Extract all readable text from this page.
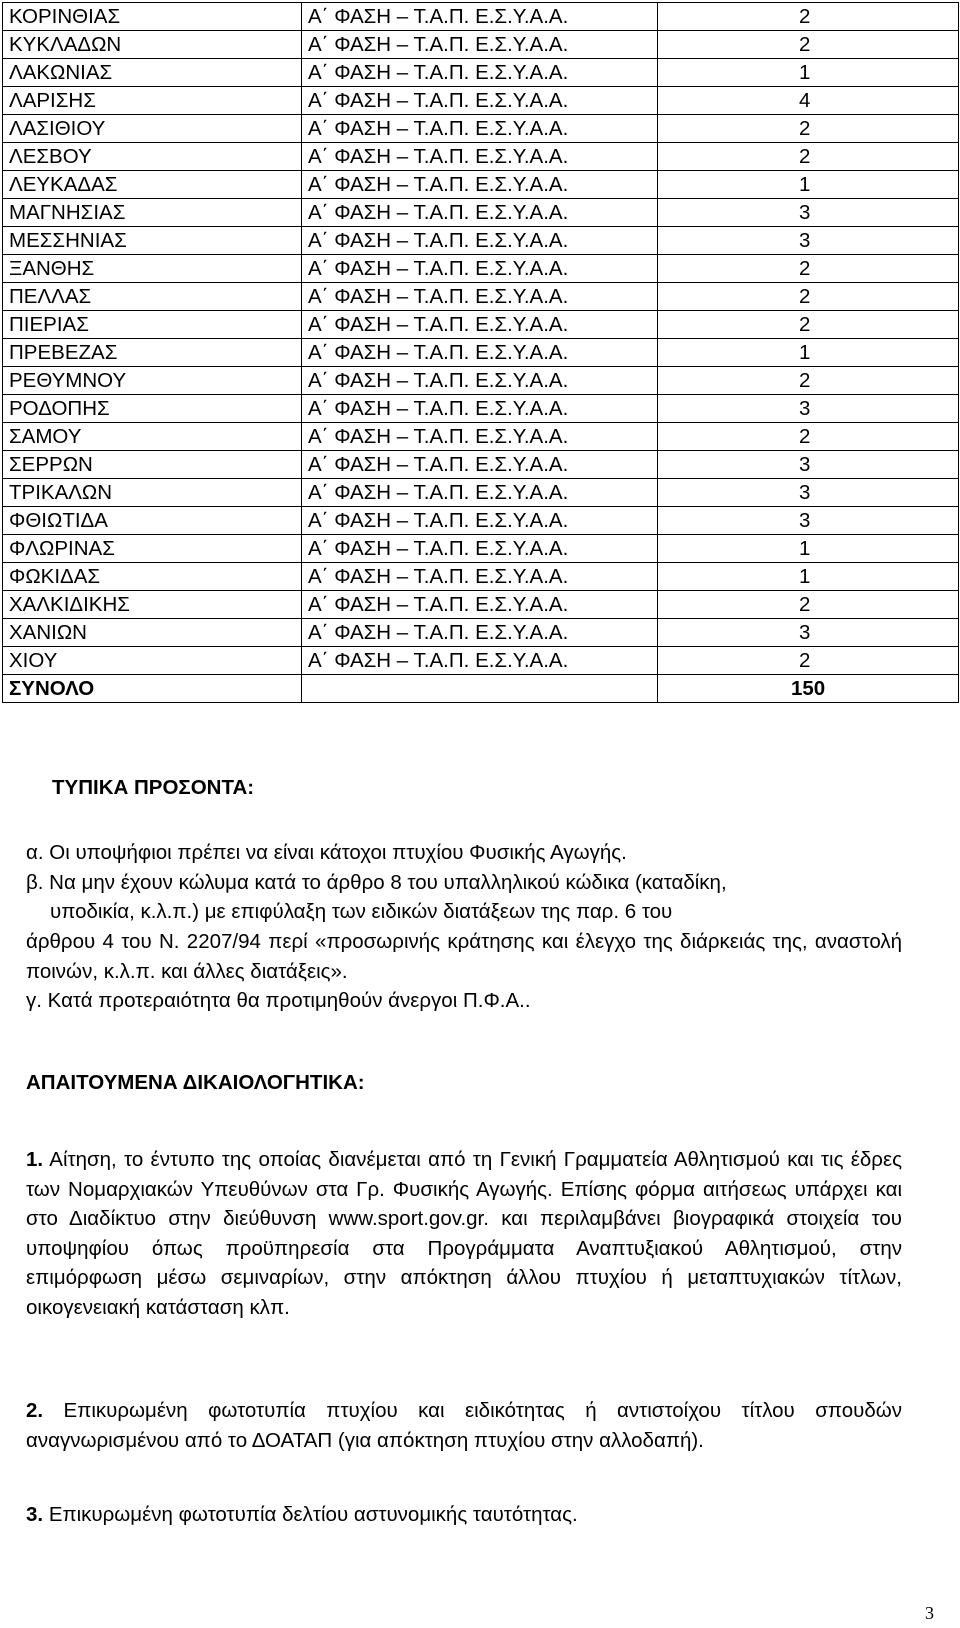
ΚΟΡΙΝΘΙΑΣ	Α΄ ΦΑΣΗ – Τ.Α.Π. Ε.Σ.Υ.Α.Α.	2
ΚΥΚΛΑΔΩΝ	Α΄ ΦΑΣΗ – Τ.Α.Π. Ε.Σ.Υ.Α.Α.	2
ΛΑΚΩΝΙΑΣ	Α΄ ΦΑΣΗ – Τ.Α.Π. Ε.Σ.Υ.Α.Α.	1
ΛΑΡΙΣΗΣ	Α΄ ΦΑΣΗ – Τ.Α.Π. Ε.Σ.Υ.Α.Α.	4
ΛΑΣΙΘΙΟΥ	Α΄ ΦΑΣΗ – Τ.Α.Π. Ε.Σ.Υ.Α.Α.	2
ΛΕΣΒΟΥ	Α΄ ΦΑΣΗ – Τ.Α.Π. Ε.Σ.Υ.Α.Α.	2
ΛΕΥΚΑΔΑΣ	Α΄ ΦΑΣΗ – Τ.Α.Π. Ε.Σ.Υ.Α.Α.	1
ΜΑΓΝΗΣΙΑΣ	Α΄ ΦΑΣΗ – Τ.Α.Π. Ε.Σ.Υ.Α.Α.	3
ΜΕΣΣΗΝΙΑΣ	Α΄ ΦΑΣΗ – Τ.Α.Π. Ε.Σ.Υ.Α.Α.	3
ΞΑΝΘΗΣ	Α΄ ΦΑΣΗ – Τ.Α.Π. Ε.Σ.Υ.Α.Α.	2
ΠΕΛΛΑΣ	Α΄ ΦΑΣΗ – Τ.Α.Π. Ε.Σ.Υ.Α.Α.	2
ΠΙΕΡΙΑΣ	Α΄ ΦΑΣΗ – Τ.Α.Π. Ε.Σ.Υ.Α.Α.	2
ΠΡΕΒΕΖΑΣ	Α΄ ΦΑΣΗ – Τ.Α.Π. Ε.Σ.Υ.Α.Α.	1
ΡΕΘΥΜΝΟΥ	Α΄ ΦΑΣΗ – Τ.Α.Π. Ε.Σ.Υ.Α.Α.	2
ΡΟΔΟΠΗΣ	Α΄ ΦΑΣΗ – Τ.Α.Π. Ε.Σ.Υ.Α.Α.	3
ΣΑΜΟΥ	Α΄ ΦΑΣΗ – Τ.Α.Π. Ε.Σ.Υ.Α.Α.	2
ΣΕΡΡΩΝ	Α΄ ΦΑΣΗ – Τ.Α.Π. Ε.Σ.Υ.Α.Α.	3
ΤΡΙΚΑΛΩΝ	Α΄ ΦΑΣΗ – Τ.Α.Π. Ε.Σ.Υ.Α.Α.	3
ΦΘΙΩΤΙΔΑ	Α΄ ΦΑΣΗ – Τ.Α.Π. Ε.Σ.Υ.Α.Α.	3
ΦΛΩΡΙΝΑΣ	Α΄ ΦΑΣΗ – Τ.Α.Π. Ε.Σ.Υ.Α.Α.	1
ΦΩΚΙΔΑΣ	Α΄ ΦΑΣΗ – Τ.Α.Π. Ε.Σ.Υ.Α.Α.	1
ΧΑΛΚΙΔΙΚΗΣ	Α΄ ΦΑΣΗ – Τ.Α.Π. Ε.Σ.Υ.Α.Α.	2
ΧΑΝΙΩΝ	Α΄ ΦΑΣΗ – Τ.Α.Π. Ε.Σ.Υ.Α.Α.	3
ΧΙΟΥ	Α΄ ΦΑΣΗ – Τ.Α.Π. Ε.Σ.Υ.Α.Α.	2
ΣΥΝΟΛΟ		150
ΤΥΠΙΚΑ ΠΡΟΣΟΝΤΑ:

α. Οι υποψήφιοι πρέπει να είναι κάτοχοι πτυχίου Φυσικής Αγωγής.

β. Να μην έχουν κώλυμα κατά το άρθρο 8 του υπαλληλικού κώδικα (καταδίκη,

υποδικία, κ.λ.π.) με επιφύλαξη των ειδικών διατάξεων της παρ. 6 του

άρθρου 4 του Ν. 2207/94 περί «προσωρινής κράτησης και έλεγχο της διάρκειάς της, αναστολή ποινών, κ.λ.π. και άλλες διατάξεις».

γ. Κατά προτεραιότητα θα προτιμηθούν άνεργοι Π.Φ.Α..

ΑΠΑΙΤΟΥΜΕΝΑ ΔΙΚΑΙΟΛΟΓΗΤΙΚΑ:

1. Αίτηση, το έντυπο της οποίας διανέμεται από τη Γενική Γραμματεία Αθλητισμού και τις έδρες των Νομαρχιακών Υπευθύνων στα Γρ. Φυσικής Αγωγής. Επίσης φόρμα αιτήσεως υπάρχει και στο Διαδίκτυο στην διεύθυνση www.sport.gov.gr. και περιλαμβάνει βιογραφικά στοιχεία του υποψηφίου όπως προϋπηρεσία στα Προγράμματα Αναπτυξιακού Αθλητισμού, στην επιμόρφωση μέσω σεμιναρίων, στην απόκτηση άλλου πτυχίου ή μεταπτυχιακών τίτλων, οικογενειακή κατάσταση κλπ.

2. Επικυρωμένη φωτοτυπία πτυχίου και ειδικότητας ή αντιστοίχου τίτλου σπουδών αναγνωρισμένου από το ΔΟΑΤΑΠ (για απόκτηση πτυχίου στην αλλοδαπή).

3. Επικυρωμένη φωτοτυπία δελτίου αστυνομικής ταυτότητας.

3
